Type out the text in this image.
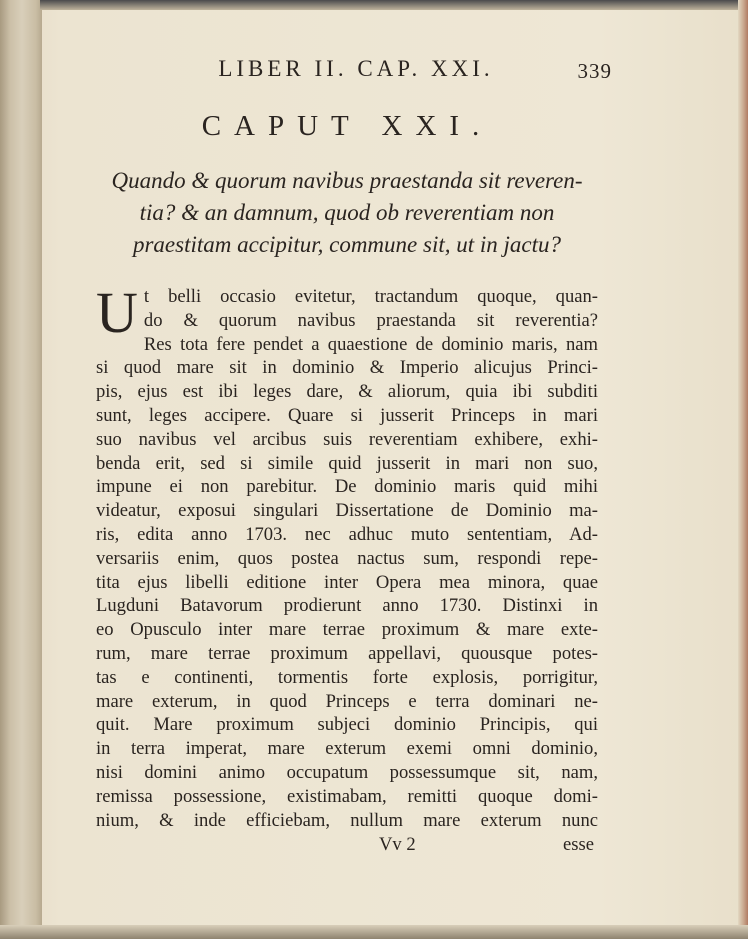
LIBER II. CAP. XXI.	339
CAPUT XXI.
Quando & quorum navibus praestanda sit reveren-
tia? & an damnum, quod ob reverentiam non
praestitam accipitur, commune sit, ut in jactu?
U t belli occasio evitetur, tractandum quoque, quan-
do & quorum navibus praestanda sit reverentia?
Res tota fere pendet a quaestione de dominio maris, nam
si quod mare sit in dominio & Imperio alicujus Princi-
pis, ejus est ibi leges dare, & aliorum, quia ibi subditi
sunt, leges accipere. Quare si jusserit Princeps in mari
suo navibus vel arcibus suis reverentiam exhibere, exhi-
benda erit, sed si simile quid jusserit in mari non suo,
impune ei non parebitur. De dominio maris quid mihi
videatur, exposui singulari Dissertatione de Dominio ma-
ris, edita anno 1703. nec adhuc muto sententiam, Ad-
versariis enim, quos postea nactus sum, respondi repe-
tita ejus libelli editione inter Opera mea minora, quae
Lugduni Batavorum prodierunt anno 1730. Distinxi in
eo Opusculo inter mare terrae proximum & mare exte-
rum, mare terrae proximum appellavi, quousque potes-
tas e continenti, tormentis forte explosis, porrigitur,
mare exterum, in quod Princeps e terra dominari ne-
quit. Mare proximum subjeci dominio Principis, qui
in terra imperat, mare exterum exemi omni dominio,
nisi domini animo occupatum possessumque sit, nam,
remissa possessione, existimabam, remitti quoque domi-
nium, & inde efficiebam, nullum mare exterum nunc
Vv 2	esse
